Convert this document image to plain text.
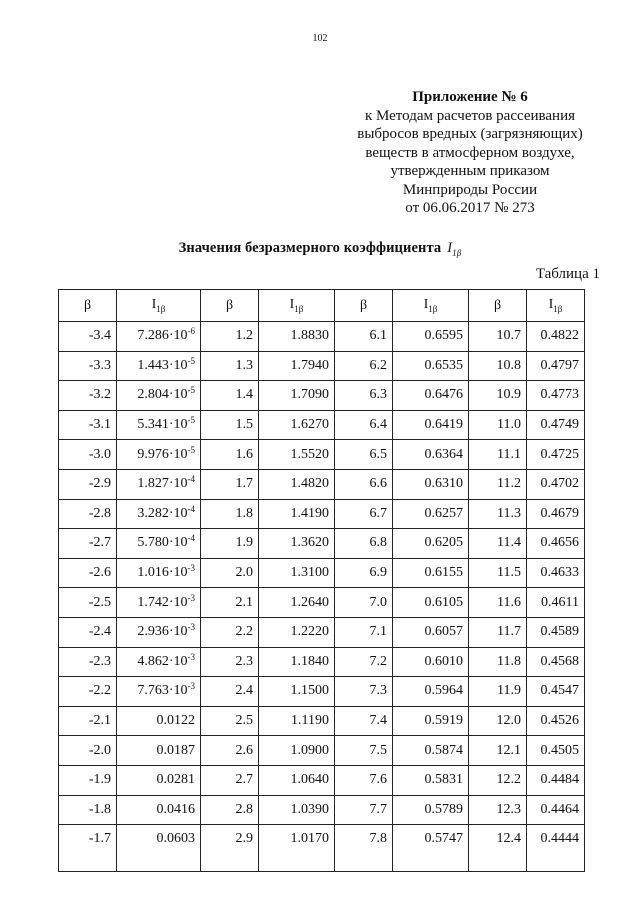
102
Приложение № 6
к Методам расчетов рассеивания
выбросов вредных (загрязняющих)
веществ в атмосферном воздухе,
утвержденным приказом
Минприроды России
от 06.06.2017 № 273
Значения безразмерного коэффициента $I_{1\beta}$
Таблица 1
β	$I_{1\beta}$	β	$I_{1\beta}$	β	$I_{1\beta}$	β	$I_{1\beta}$
-3.4	$7.286\cdot 10^{-6}$	1.2	1.8830	6.1	0.6595	10.7	0.4822
-3.3	$1.443\cdot 10^{-5}$	1.3	1.7940	6.2	0.6535	10.8	0.4797
-3.2	$2.804\cdot 10^{-5}$	1.4	1.7090	6.3	0.6476	10.9	0.4773
-3.1	$5.341\cdot 10^{-5}$	1.5	1.6270	6.4	0.6419	11.0	0.4749
-3.0	$9.976\cdot 10^{-5}$	1.6	1.5520	6.5	0.6364	11.1	0.4725
-2.9	$1.827\cdot 10^{-4}$	1.7	1.4820	6.6	0.6310	11.2	0.4702
-2.8	$3.282\cdot 10^{-4}$	1.8	1.4190	6.7	0.6257	11.3	0.4679
-2.7	$5.780\cdot 10^{-4}$	1.9	1.3620	6.8	0.6205	11.4	0.4656
-2.6	$1.016\cdot 10^{-3}$	2.0	1.3100	6.9	0.6155	11.5	0.4633
-2.5	$1.742\cdot 10^{-3}$	2.1	1.2640	7.0	0.6105	11.6	0.4611
-2.4	$2.936\cdot 10^{-3}$	2.2	1.2220	7.1	0.6057	11.7	0.4589
-2.3	$4.862\cdot 10^{-3}$	2.3	1.1840	7.2	0.6010	11.8	0.4568
-2.2	$7.763\cdot 10^{-3}$	2.4	1.1500	7.3	0.5964	11.9	0.4547
-2.1	0.0122	2.5	1.1190	7.4	0.5919	12.0	0.4526
-2.0	0.0187	2.6	1.0900	7.5	0.5874	12.1	0.4505
-1.9	0.0281	2.7	1.0640	7.6	0.5831	12.2	0.4484
-1.8	0.0416	2.8	1.0390	7.7	0.5789	12.3	0.4464
-1.7	0.0603	2.9	1.0170	7.8	0.5747	12.4	0.4444
